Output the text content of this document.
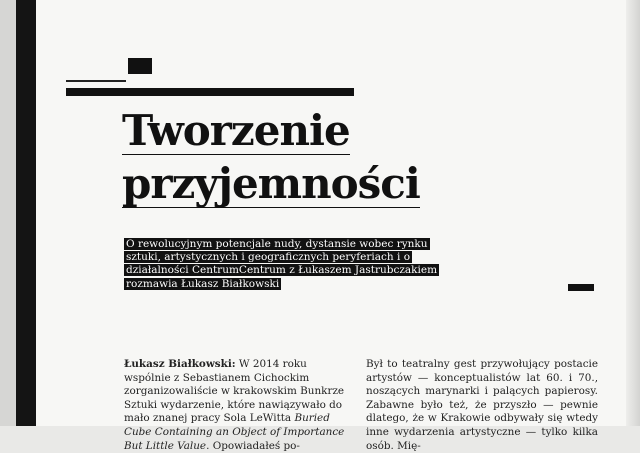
Tworzenie
przyjemności
O rewolucyjnym potencjale nudy, dystansie wobec rynku sztuki, artystycznych i geograficznych peryferiach i o działalności CentrumCentrum z Łukaszem Jastrubczakiem rozmawia Łukasz Białkowski

Łukasz Białkowski: W 2014 roku wspólnie z Sebastianem Cichockim zorganizowaliście w krakowskim Bunkrze Sztuki wydarzenie, które nawiązywało do mało znanej pracy Sola LeWitta Buried Cube Containing an Object of Importance But Little Value. Opowiadałeś po-

Był to teatralny gest przywołujący postacie artystów — konceptualistów lat 60. i 70., noszących marynarki i palących papierosy. Zabawne było też, że przyszło — pewnie dlatego, że w Krakowie odbywały się wtedy inne wydarzenia artystyczne — tylko kilka osób. Mię-
